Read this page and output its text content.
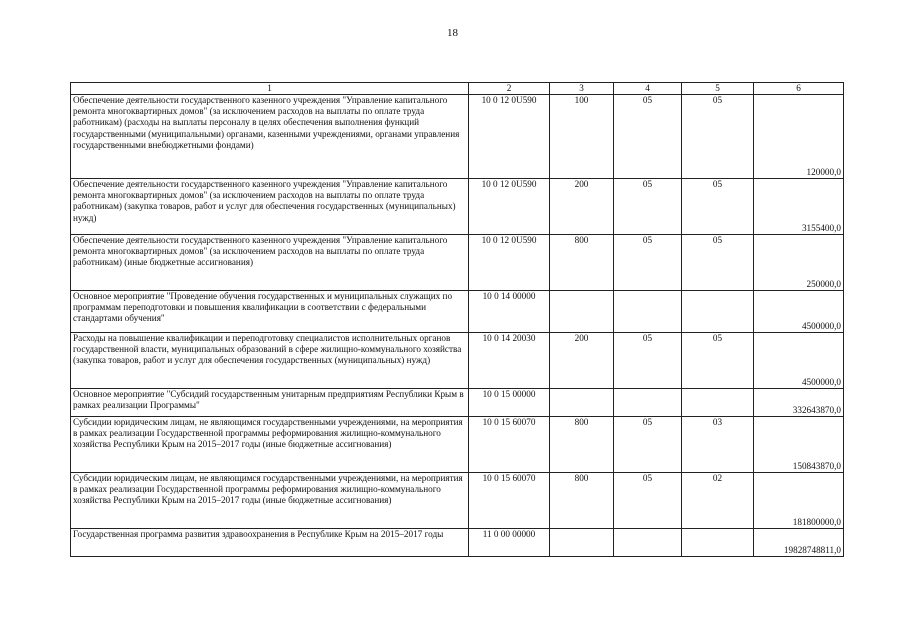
18
1	2	3	4	5	6
Обеспечение деятельности государственного казенного учреждения "Управление капитального ремонта многоквартирных домов" (за исключением расходов на выплаты по оплате труда работникам) (расходы на выплаты персоналу в целях обеспечения выполнения функций государственными (муниципальными) органами, казенными учреждениями, органами управления государственными внебюджетными фондами)	10 0 12 0U590	100	05	05	120000,0
Обеспечение деятельности государственного казенного учреждения "Управление капитального ремонта многоквартирных домов" (за исключением расходов на выплаты по оплате труда работникам) (закупка товаров, работ и услуг для обеспечения государственных (муниципальных) нужд)	10 0 12 0U590	200	05	05	3155400,0
Обеспечение деятельности государственного казенного учреждения "Управление капитального ремонта многоквартирных домов" (за исключением расходов на выплаты по оплате труда работникам) (иные бюджетные ассигнования)	10 0 12 0U590	800	05	05	250000,0
Основное мероприятие "Проведение обучения государственных и муниципальных служащих по программам переподготовки и повышения квалификации в соответствии с федеральными стандартами обучения"	10 0 14 00000				4500000,0
Расходы на повышение квалификации и переподготовку специалистов исполнительных органов государственной власти, муниципальных образований в сфере жилищно-коммунального хозяйства (закупка товаров, работ и услуг для обеспечения государственных (муниципальных) нужд)	10 0 14 20030	200	05	05	4500000,0
Основное мероприятие "Субсидий государственным унитарным предприятиям Республики Крым в рамках реализации Программы"	10 0 15 00000				332643870,0
Субсидии юридическим лицам, не являющимся государственными учреждениями, на мероприятия в рамках реализации Государственной программы реформирования жилищно-коммунального хозяйства Республики Крым на 2015–2017 годы (иные бюджетные ассигнования)	10 0 15 60070	800	05	03	150843870,0
Субсидии юридическим лицам, не являющимся государственными учреждениями, на мероприятия в рамках реализации Государственной программы реформирования жилищно-коммунального хозяйства Республики Крым на 2015–2017 годы (иные бюджетные ассигнования)	10 0 15 60070	800	05	02	181800000,0
Государственная программа развития здравоохранения в Республике Крым на 2015–2017 годы	11 0 00 00000				19828748811,0
